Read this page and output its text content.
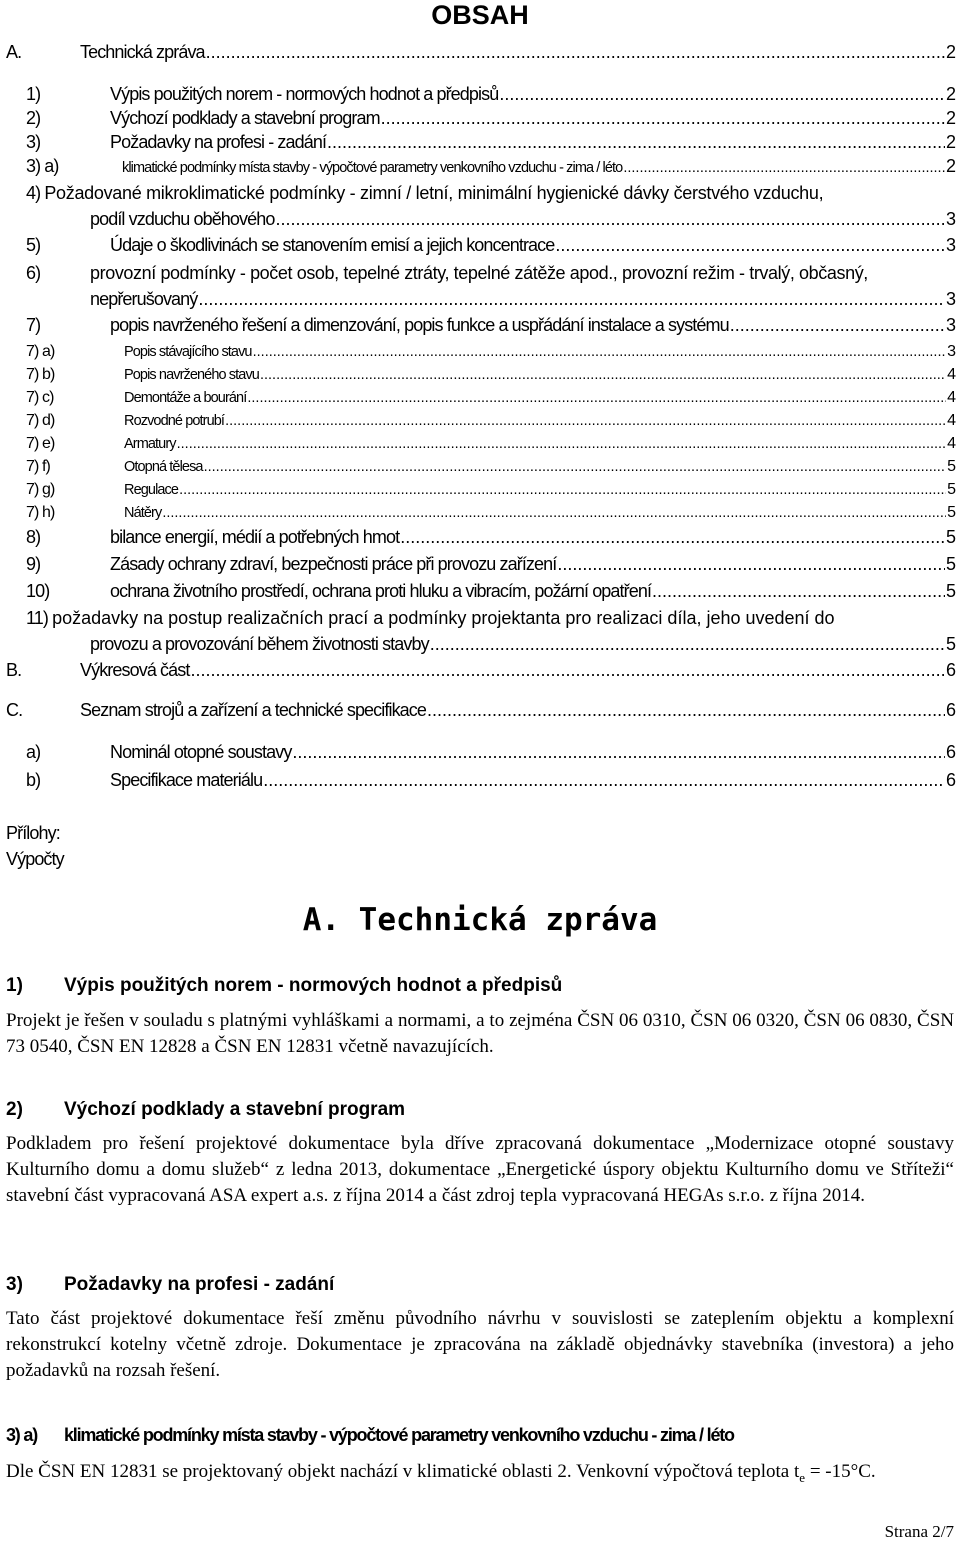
OBSAH
A.	Technická zpráva .....	2
1)	Výpis použitých norem - normových hodnot a předpisů .....	2
2)	Výchozí podklady a stavební program .....	2
3)	Požadavky na profesi - zadání .....	2
3) a)	klimatické podmínky místa stavby - výpočtové parametry venkovního vzduchu - zima / léto .....	2
4) Požadované mikroklimatické podmínky - zimní / letní, minimální hygienické dávky čerstvého vzduchu,
podíl vzduchu oběhového .....	3
5)	Údaje o škodlivinách se stanovením emisí a jejich koncentrace .....	3
6)	provozní podmínky - počet osob, tepelné ztráty, tepelné zátěže apod., provozní režim - trvalý, občasný,
nepřerušovaný .....	3
7)	popis navrženého řešení a dimenzování, popis funkce a uspřádání instalace a systému .....	3
7) a)	Popis stávajícího stavu .....	3
7) b)	Popis navrženého stavu .....	4
7) c)	Demontáže a bourání .....	4
7) d)	Rozvodné potrubí .....	4
7) e)	Armatury .....	4
7) f)	Otopná tělesa .....	5
7) g)	Regulace .....	5
7) h)	Nátěry .....	5
8)	bilance energií, médií a potřebných hmot .....	5
9)	Zásady ochrany zdraví, bezpečnosti práce při provozu zařízení .....	5
10)	ochrana životního prostředí, ochrana proti hluku a vibracím, požární opatření .....	5
11) požadavky na postup realizačních prací a podmínky projektanta pro realizaci díla, jeho uvedení do
provozu a provozování během životnosti stavby .....	5
B.	Výkresová část .....	6
C.	Seznam strojů a zařízení a technické specifikace .....	6
a)	Nominál otopné soustavy .....	6
b)	Specifikace materiálu .....	6
Přílohy:
Výpočty
A. Technická zpráva
1) Výpis použitých norem - normových hodnot a předpisů
Projekt je řešen v souladu s platnými vyhláškami a normami, a to zejména ČSN 06 0310, ČSN 06 0320, ČSN 06 0830, ČSN 73 0540, ČSN EN 12828 a ČSN EN 12831 včetně navazujících.
2) Výchozí podklady a stavební program
Podkladem pro řešení projektové dokumentace byla dříve zpracovaná dokumentace „Modernizace otopné soustavy Kulturního domu a domu služeb“ z ledna 2013, dokumentace „Energetické úspory objektu Kulturního domu ve Stříteži“ stavební část vypracovaná ASA expert a.s. z října 2014 a část zdroj tepla vypracovaná HEGAs s.r.o. z října 2014.
3) Požadavky na profesi - zadání
Tato část projektové dokumentace řeší změnu původního návrhu v souvislosti se zateplením objektu a komplexní rekonstrukcí kotelny včetně zdroje. Dokumentace je zpracována na základě objednávky stavebníka (investora) a jeho požadavků na rozsah řešení.
3) a) klimatické podmínky místa stavby - výpočtové parametry venkovního vzduchu - zima / léto
Dle ČSN EN 12831 se projektovaný objekt nachází v klimatické oblasti 2. Venkovní výpočtová teplota $t_e = -15^\circ C$.
Strana 2/7
